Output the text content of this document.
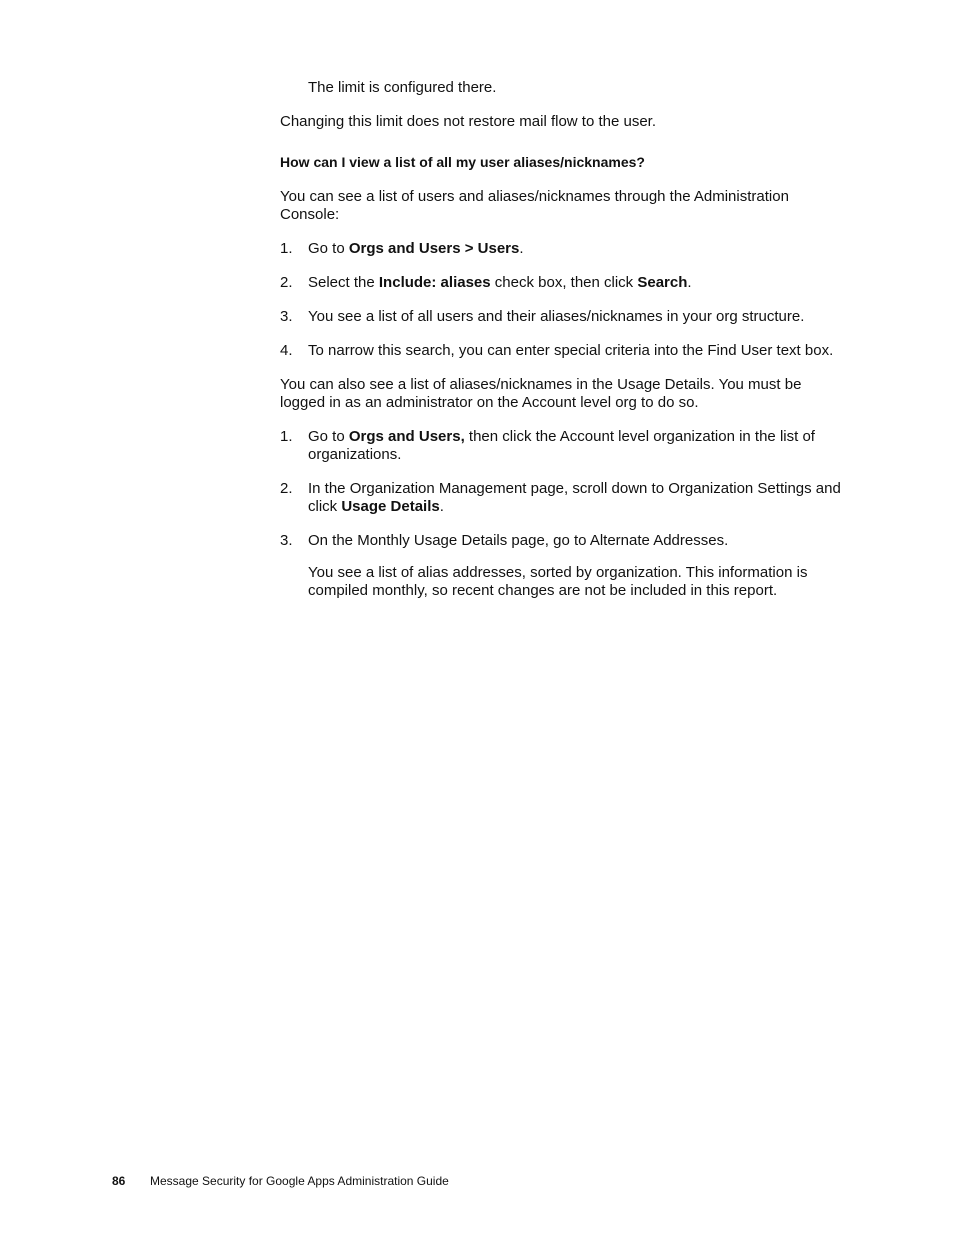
The limit is configured there.

Changing this limit does not restore mail flow to the user.

How can I view a list of all my user aliases/nicknames?

You can see a list of users and aliases/nicknames through the Administration Console:

1. Go to Orgs and Users > Users.
2. Select the Include: aliases check box, then click Search.
3. You see a list of all users and their aliases/nicknames in your org structure.
4. To narrow this search, you can enter special criteria into the Find User text box.

You can also see a list of aliases/nicknames in the Usage Details. You must be logged in as an administrator on the Account level org to do so.

1. Go to Orgs and Users, then click the Account level organization in the list of organizations.
2. In the Organization Management page, scroll down to Organization Settings and click Usage Details.
3. On the Monthly Usage Details page, go to Alternate Addresses.

You see a list of alias addresses, sorted by organization. This information is compiled monthly, so recent changes are not be included in this report.

86 Message Security for Google Apps Administration Guide
